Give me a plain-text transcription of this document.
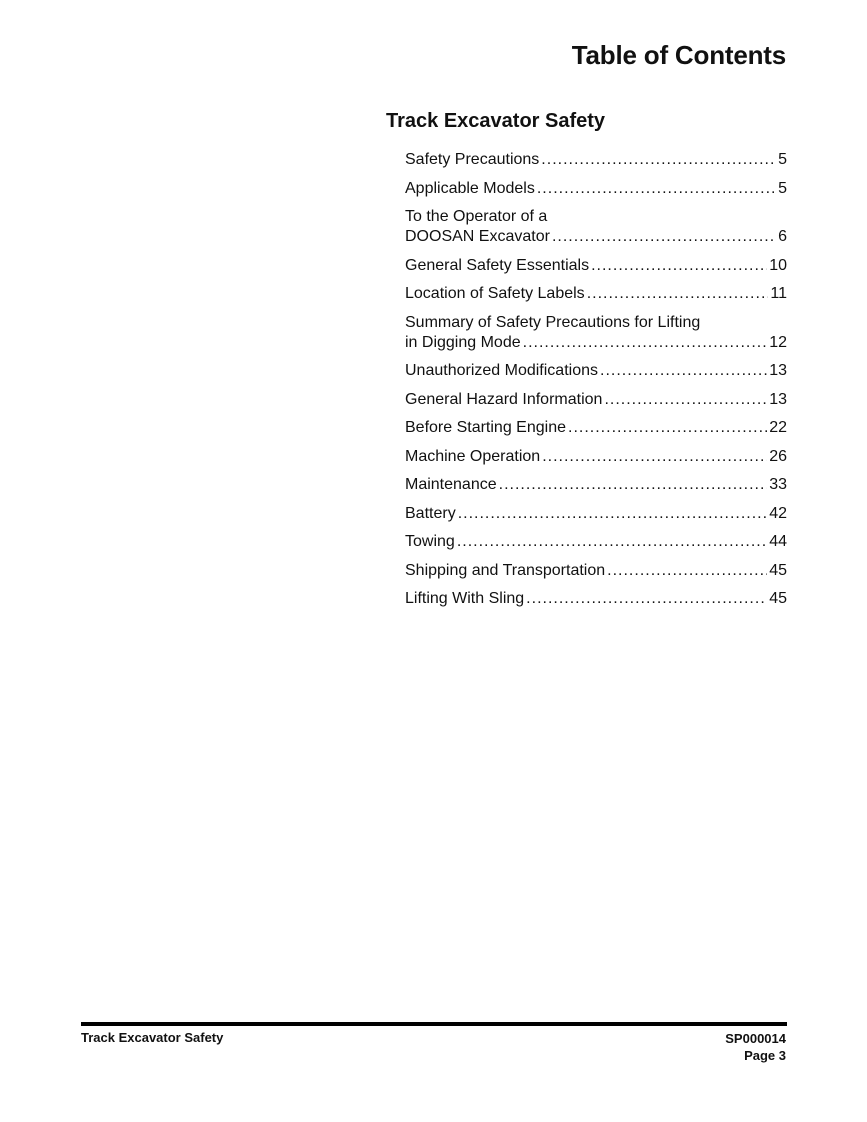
Table of Contents
Track Excavator Safety
Safety Precautions .....	5
Applicable Models .....	5
To the Operator of a
DOOSAN Excavator .....	6
General Safety Essentials .....	10
Location of Safety Labels .....	11
Summary of Safety Precautions for Lifting
in Digging Mode .....	12
Unauthorized Modifications .....	13
General Hazard Information .....	13
Before Starting Engine .....	22
Machine Operation .....	26
Maintenance .....	33
Battery .....	42
Towing .....	44
Shipping and Transportation .....	45
Lifting With Sling .....	45
Track Excavator Safety	SP000014
Page 3
